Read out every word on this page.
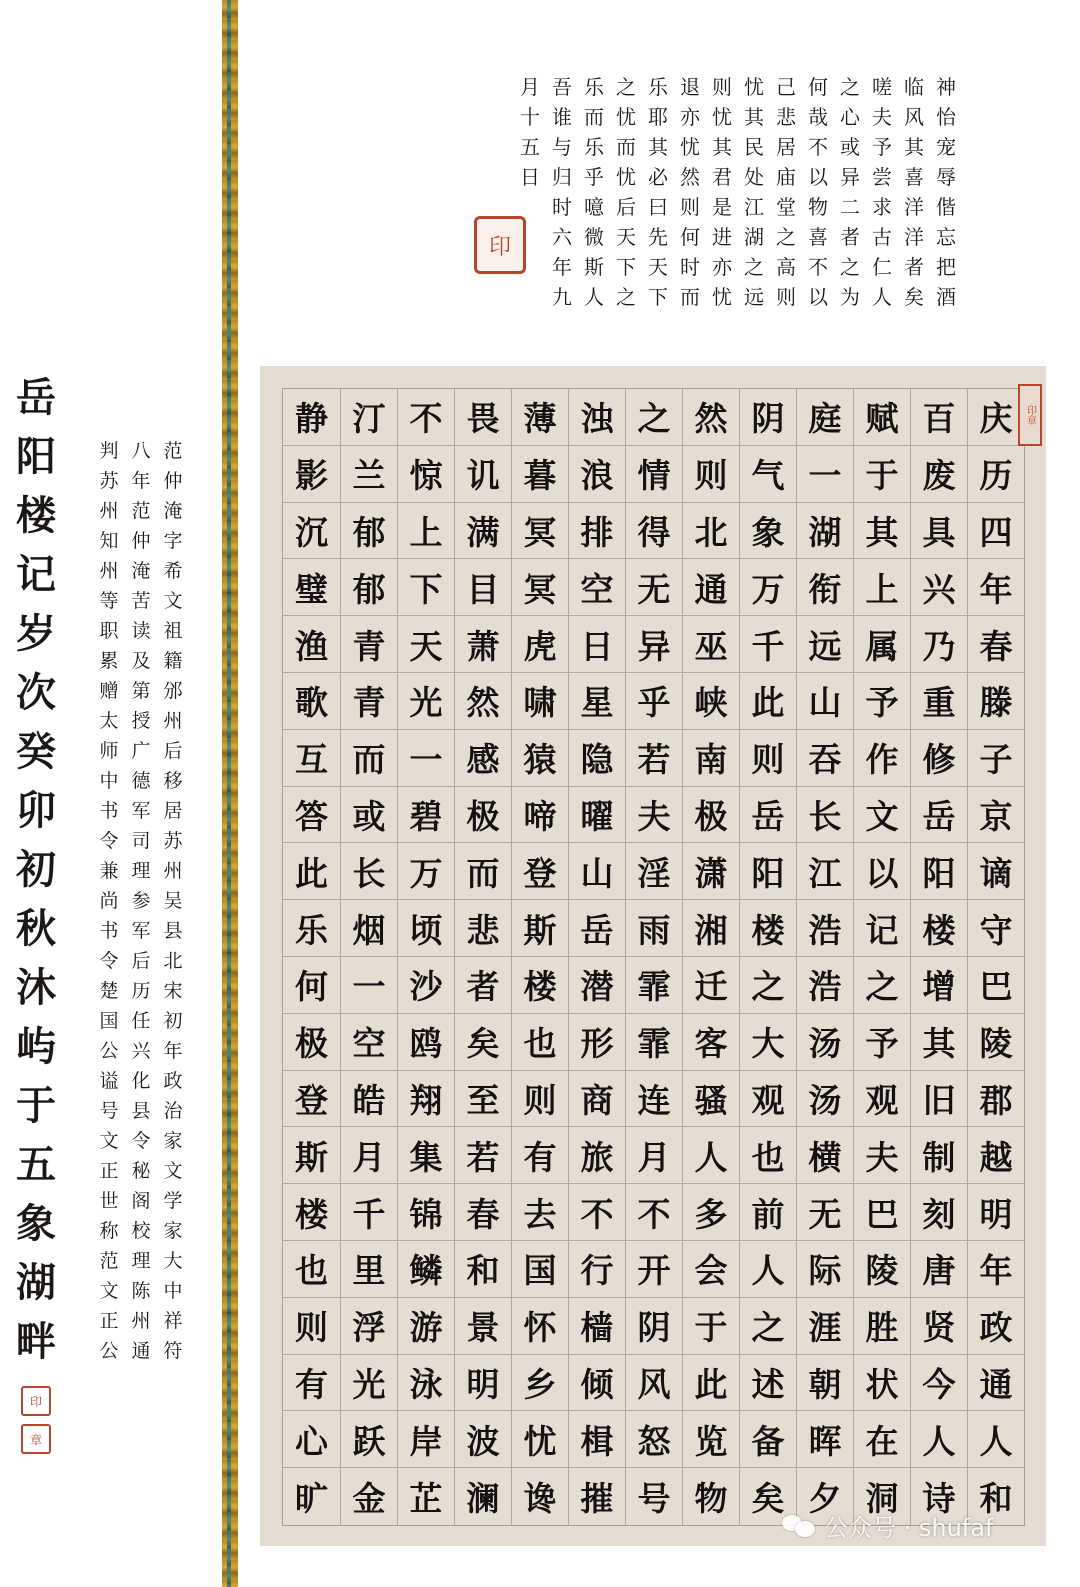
岳
阳
楼
记
岁
次
癸
卯
初
秋
沐
屿
于
五
象
湖
畔
印
章
范
仲
淹
字
希
文
祖
籍
邠
州
后
移
居
苏
州
吴
县
北
宋
初
年
政
治
家
文
学
家
大
中
祥
符
八
年
范
仲
淹
苦
读
及
第
授
广
德
军
司
理
参
军
后
历
任
兴
化
县
令
秘
阁
校
理
陈
州
通
判
苏
州
知
州
等
职
累
赠
太
师
中
书
令
兼
尚
书
令
楚
国
公
谥
号
文
正
世
称
范
文
正
公
神
怡
宠
辱
偕
忘
把
酒
临
风
其
喜
洋
洋
者
矣
嗟
夫
予
尝
求
古
仁
人
之
心
或
异
二
者
之
为
何
哉
不
以
物
喜
不
以
己
悲
居
庙
堂
之
高
则
忧
其
民
处
江
湖
之
远
则
忧
其
君
是
进
亦
忧
退
亦
忧
然
则
何
时
而
乐
耶
其
必
曰
先
天
下
之
忧
而
忧
后
天
下
之
乐
而
乐
乎
噫
微
斯
人
吾
谁
与
归
时
六
年
九
月
十
五
日
印
庆
历
四
年
春
滕
子
京
谪
守
巴
陵
郡
越
明
年
政
通
人
和
百
废
具
兴
乃
重
修
岳
阳
楼
增
其
旧
制
刻
唐
贤
今
人
诗
赋
于
其
上
属
予
作
文
以
记
之
予
观
夫
巴
陵
胜
状
在
洞
庭
一
湖
衔
远
山
吞
长
江
浩
浩
汤
汤
横
无
际
涯
朝
晖
夕
阴
气
象
万
千
此
则
岳
阳
楼
之
大
观
也
前
人
之
述
备
矣
然
则
北
通
巫
峡
南
极
潇
湘
迁
客
骚
人
多
会
于
此
览
物
之
情
得
无
异
乎
若
夫
淫
雨
霏
霏
连
月
不
开
阴
风
怒
号
浊
浪
排
空
日
星
隐
曜
山
岳
潜
形
商
旅
不
行
樯
倾
楫
摧
薄
暮
冥
冥
虎
啸
猿
啼
登
斯
楼
也
则
有
去
国
怀
乡
忧
谗
畏
讥
满
目
萧
然
感
极
而
悲
者
矣
至
若
春
和
景
明
波
澜
不
惊
上
下
天
光
一
碧
万
顷
沙
鸥
翔
集
锦
鳞
游
泳
岸
芷
汀
兰
郁
郁
青
青
而
或
长
烟
一
空
皓
月
千
里
浮
光
跃
金
静
影
沉
璧
渔
歌
互
答
此
乐
何
极
登
斯
楼
也
则
有
心
旷
印章
公众号 · shufaf
